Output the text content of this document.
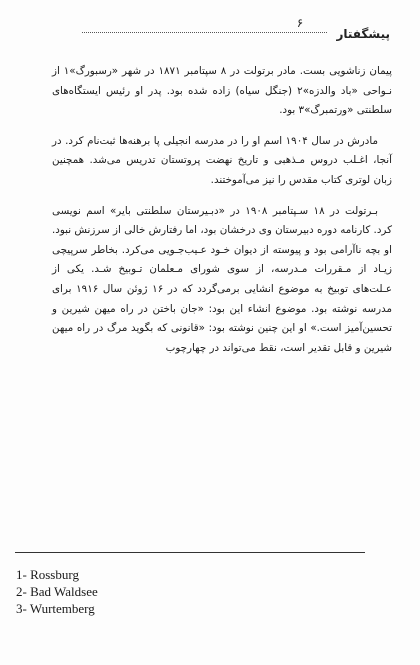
۶
پیشگفتار

پیمان زناشویی بست. مادر برتولت در ۸ سپتامبر ۱۸۷۱ در شهر «رسبورگ»۱ از نـواحی «باد والدزه»۲ (جنگل سیاه) زاده شده بود. پدر او رئیس ایستگاه‌های سلطنتی «ورتمبرگ»۳ بود.

مادرش در سال ۱۹۰۴ اسم او را در مدرسه انجیلی پا برهنه‌ها ثبت‌نام کرد. در آنجا، اغـلب دروس مـذهبی و تاریخ نهضت پروتستان تدریس می‌شد. همچنین زبان لوتری کتاب مقدس را نیز می‌آموختند.

بـرتولت در ۱۸ سـپتامبر ۱۹۰۸ در «دبـیرستان سلطنتی بایر» اسم نویسی کرد. کارنامه دوره دبیرستان وی درخشان بود، اما رفتارش خالی از سرزنش نبود. او بچه ناآرامی بود و پیوسته از دیوان خـود عـیب‌جـویی می‌کرد. بخاطر سرپیچی زیـاد از مـقررات مـدرسه، از سوی شورای مـعلمان تـوبیخ شـد. یکی از عـلت‌های توبیخ به موضوع انشایی برمی‌گردد که در ۱۶ ژوئن سال ۱۹۱۶ برای مدرسه نوشته بود. موضوع انشاء این بود: «جان باختن در راه میهن شیرین و تحسین‌آمیز است.» او این چنین نوشته بود: «قانونی که بگوید مرگ در راه میهن شیرین و قابل تقدیر است، نقط می‌تواند در چهارچوب

1- Rossburg
2- Bad Waldsee
3- Wurtemberg
